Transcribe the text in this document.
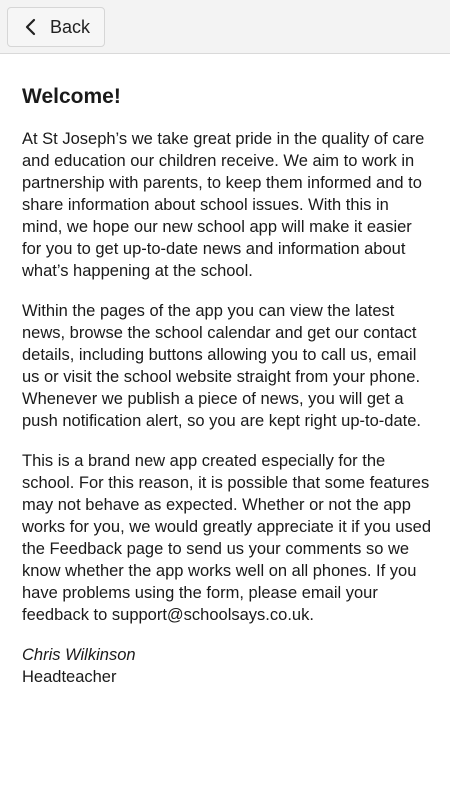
Back
Welcome!

At St Joseph’s we take great pride in the quality of care and education our children receive. We aim to work in partnership with parents, to keep them informed and to share information about school issues. With this in mind, we hope our new school app will make it easier for you to get up-to-date news and information about what’s happening at the school.

Within the pages of the app you can view the latest news, browse the school calendar and get our contact details, including buttons allowing you to call us, email us or visit the school website straight from your phone. Whenever we publish a piece of news, you will get a push notification alert, so you are kept right up-to-date.

This is a brand new app created especially for the school. For this reason, it is possible that some features may not behave as expected. Whether or not the app works for you, we would greatly appreciate it if you used the Feedback page to send us your comments so we know whether the app works well on all phones. If you have problems using the form, please email your feedback to support@schoolsays.co.uk.

Chris Wilkinson
Headteacher
